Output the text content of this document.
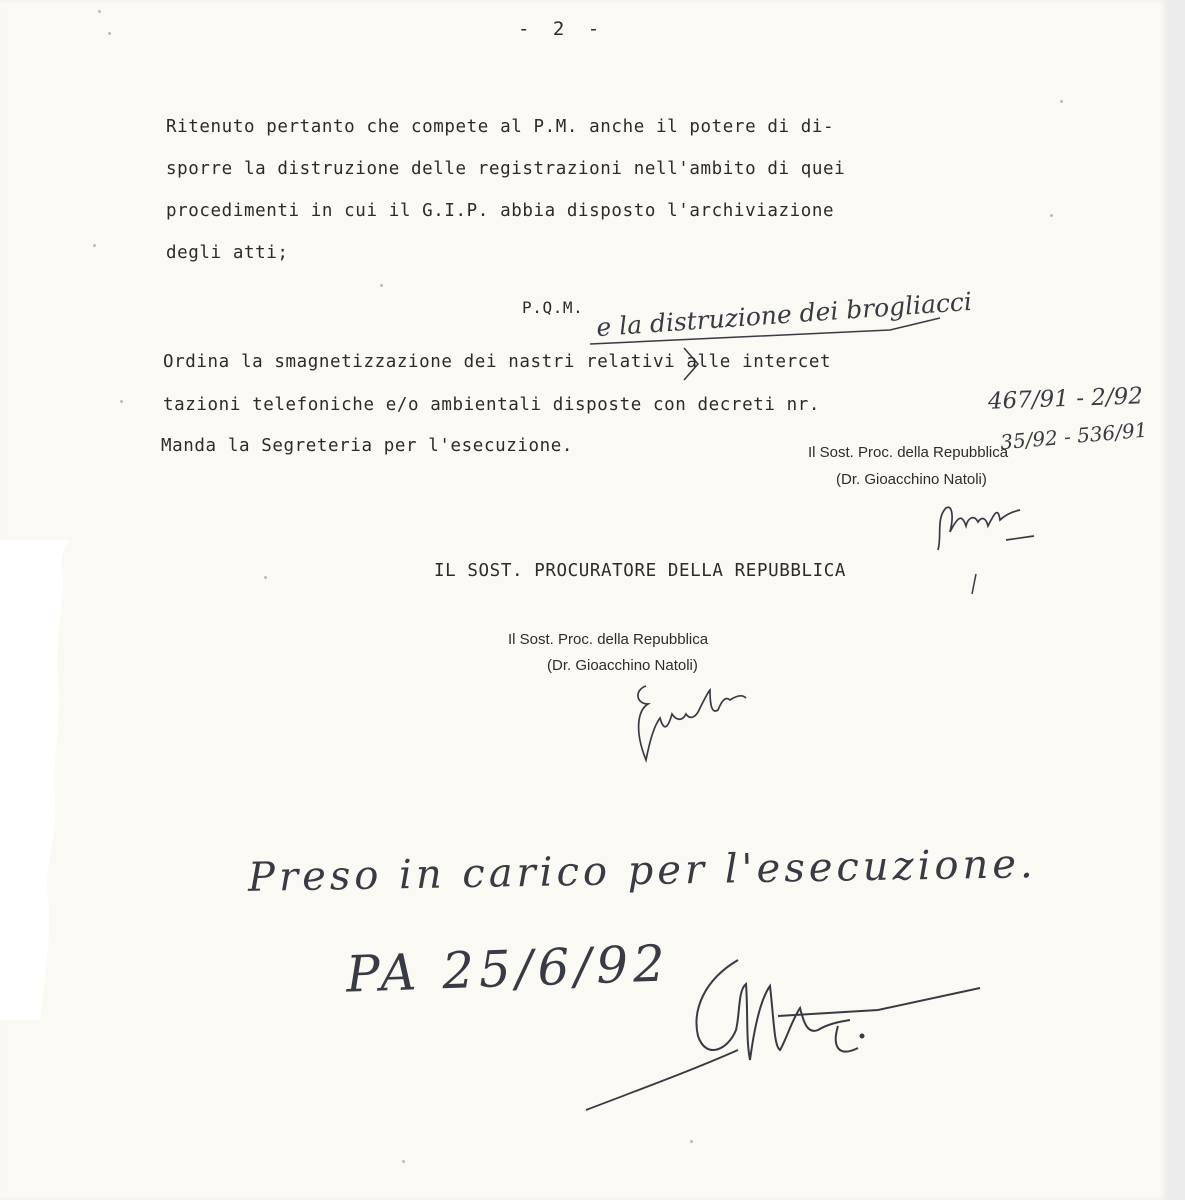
- 2 -
Ritenuto pertanto che compete al P.M. anche il potere di di-
sporre la distruzione delle registrazioni nell'ambito di quei
procedimenti in cui il G.I.P. abbia disposto l'archiviazione
degli atti;
P.Q.M. e la distruzione dei brogliacci
Ordina la smagnetizzazione dei nastri relativi alle intercet
tazioni telefoniche e/o ambientali disposte con decreti nr.
Manda la Segreteria per l'esecuzione.
467/91 - 2/92
35/92 - 536/91
Il Sost. Proc. della Repubblica
(Dr. Gioacchino Natoli)
IL SOST. PROCURATORE DELLA REPUBBLICA
Il Sost. Proc. della Repubblica
(Dr. Gioacchino Natoli)
Preso in carico per l'esecuzione.
PA 25/6/92
